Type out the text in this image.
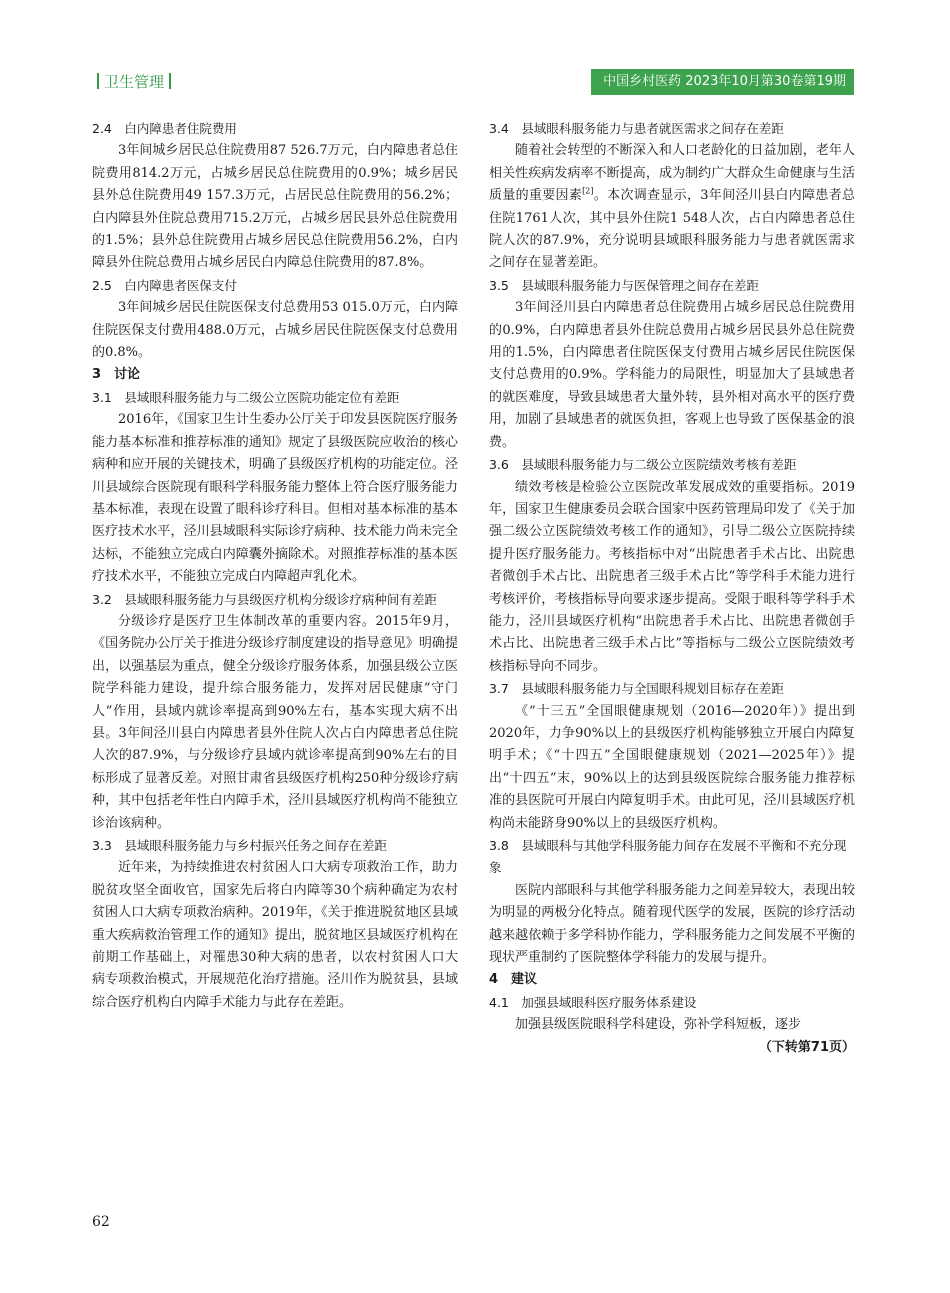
卫生管理	中国乡村医药 2023年10月第30卷第19期
2.4　白内障患者住院费用

3年间城乡居民总住院费用87 526.7万元，白内障患者总住院费用814.2万元，占城乡居民总住院费用的0.9%；城乡居民县外总住院费用49 157.3万元，占居民总住院费用的56.2%；白内障县外住院总费用715.2万元，占城乡居民县外总住院费用的1.5%；县外总住院费用占城乡居民总住院费用56.2%，白内障县外住院总费用占城乡居民白内障总住院费用的87.8%。

2.5　白内障患者医保支付

3年间城乡居民住院医保支付总费用53 015.0万元，白内障住院医保支付费用488.0万元，占城乡居民住院医保支付总费用的0.8%。

3　讨论
3.1　县域眼科服务能力与二级公立医院功能定位有差距

2016年，《国家卫生计生委办公厅关于印发县医院医疗服务能力基本标准和推荐标准的通知》规定了县级医院应收治的核心病种和应开展的关键技术，明确了县级医疗机构的功能定位。泾川县域综合医院现有眼科学科服务能力整体上符合医疗服务能力基本标准，表现在设置了眼科诊疗科目。但相对基本标准的基本医疗技术水平，泾川县域眼科实际诊疗病种、技术能力尚未完全达标，不能独立完成白内障囊外摘除术。对照推荐标准的基本医疗技术水平，不能独立完成白内障超声乳化术。

3.2　县域眼科服务能力与县级医疗机构分级诊疗病种间有差距

分级诊疗是医疗卫生体制改革的重要内容。2015年9月，《国务院办公厅关于推进分级诊疗制度建设的指导意见》明确提出，以强基层为重点，健全分级诊疗服务体系，加强县级公立医院学科能力建设，提升综合服务能力，发挥对居民健康“守门人”作用，县域内就诊率提高到90%左右，基本实现大病不出县。3年间泾川县白内障患者县外住院人次占白内障患者总住院人次的87.9%，与分级诊疗县域内就诊率提高到90%左右的目标形成了显著反差。对照甘肃省县级医疗机构250种分级诊疗病种，其中包括老年性白内障手术，泾川县域医疗机构尚不能独立诊治该病种。

3.3　县域眼科服务能力与乡村振兴任务之间存在差距

近年来，为持续推进农村贫困人口大病专项救治工作，助力脱贫攻坚全面收官，国家先后将白内障等30个病种确定为农村贫困人口大病专项救治病种。2019年，《关于推进脱贫地区县域重大疾病救治管理工作的通知》提出，脱贫地区县域医疗机构在前期工作基础上，对罹患30种大病的患者，以农村贫困人口大病专项救治模式，开展规范化治疗措施。泾川作为脱贫县，县域综合医疗机构白内障手术能力与此存在差距。

3.4　县域眼科服务能力与患者就医需求之间存在差距

随着社会转型的不断深入和人口老龄化的日益加剧，老年人相关性疾病发病率不断提高，成为制约广大群众生命健康与生活质量的重要因素[2]。本次调查显示，3年间泾川县白内障患者总住院1761人次，其中县外住院1 548人次，占白内障患者总住院人次的87.9%，充分说明县域眼科服务能力与患者就医需求之间存在显著差距。

3.5　县域眼科服务能力与医保管理之间存在差距

3年间泾川县白内障患者总住院费用占城乡居民总住院费用的0.9%，白内障患者县外住院总费用占城乡居民县外总住院费用的1.5%，白内障患者住院医保支付费用占城乡居民住院医保支付总费用的0.9%。学科能力的局限性，明显加大了县域患者的就医难度，导致县域患者大量外转，县外相对高水平的医疗费用，加剧了县域患者的就医负担，客观上也导致了医保基金的浪费。

3.6　县域眼科服务能力与二级公立医院绩效考核有差距

绩效考核是检验公立医院改革发展成效的重要指标。2019年，国家卫生健康委员会联合国家中医药管理局印发了《关于加强二级公立医院绩效考核工作的通知》，引导二级公立医院持续提升医疗服务能力。考核指标中对“出院患者手术占比、出院患者微创手术占比、出院患者三级手术占比”等学科手术能力进行考核评价，考核指标导向要求逐步提高。受限于眼科等学科手术能力，泾川县域医疗机构“出院患者手术占比、出院患者微创手术占比、出院患者三级手术占比”等指标与二级公立医院绩效考核指标导向不同步。

3.7　县域眼科服务能力与全国眼科规划目标存在差距

《“十三五”全国眼健康规划（2016—2020年）》提出到2020年，力争90%以上的县级医疗机构能够独立开展白内障复明手术；《“十四五”全国眼健康规划（2021—2025年）》提出“十四五”末，90%以上的达到县级医院综合服务能力推荐标准的县医院可开展白内障复明手术。由此可见，泾川县域医疗机构尚未能跻身90%以上的县级医疗机构。

3.8　县域眼科与其他学科服务能力间存在发展不平衡和不充分现象

医院内部眼科与其他学科服务能力之间差异较大，表现出较为明显的两极分化特点。随着现代医学的发展，医院的诊疗活动越来越依赖于多学科协作能力，学科服务能力之间发展不平衡的现状严重制约了医院整体学科能力的发展与提升。

4　建议
4.1　加强县域眼科医疗服务体系建设

加强县级医院眼科学科建设，弥补学科短板，逐步

（下转第71页）
62
